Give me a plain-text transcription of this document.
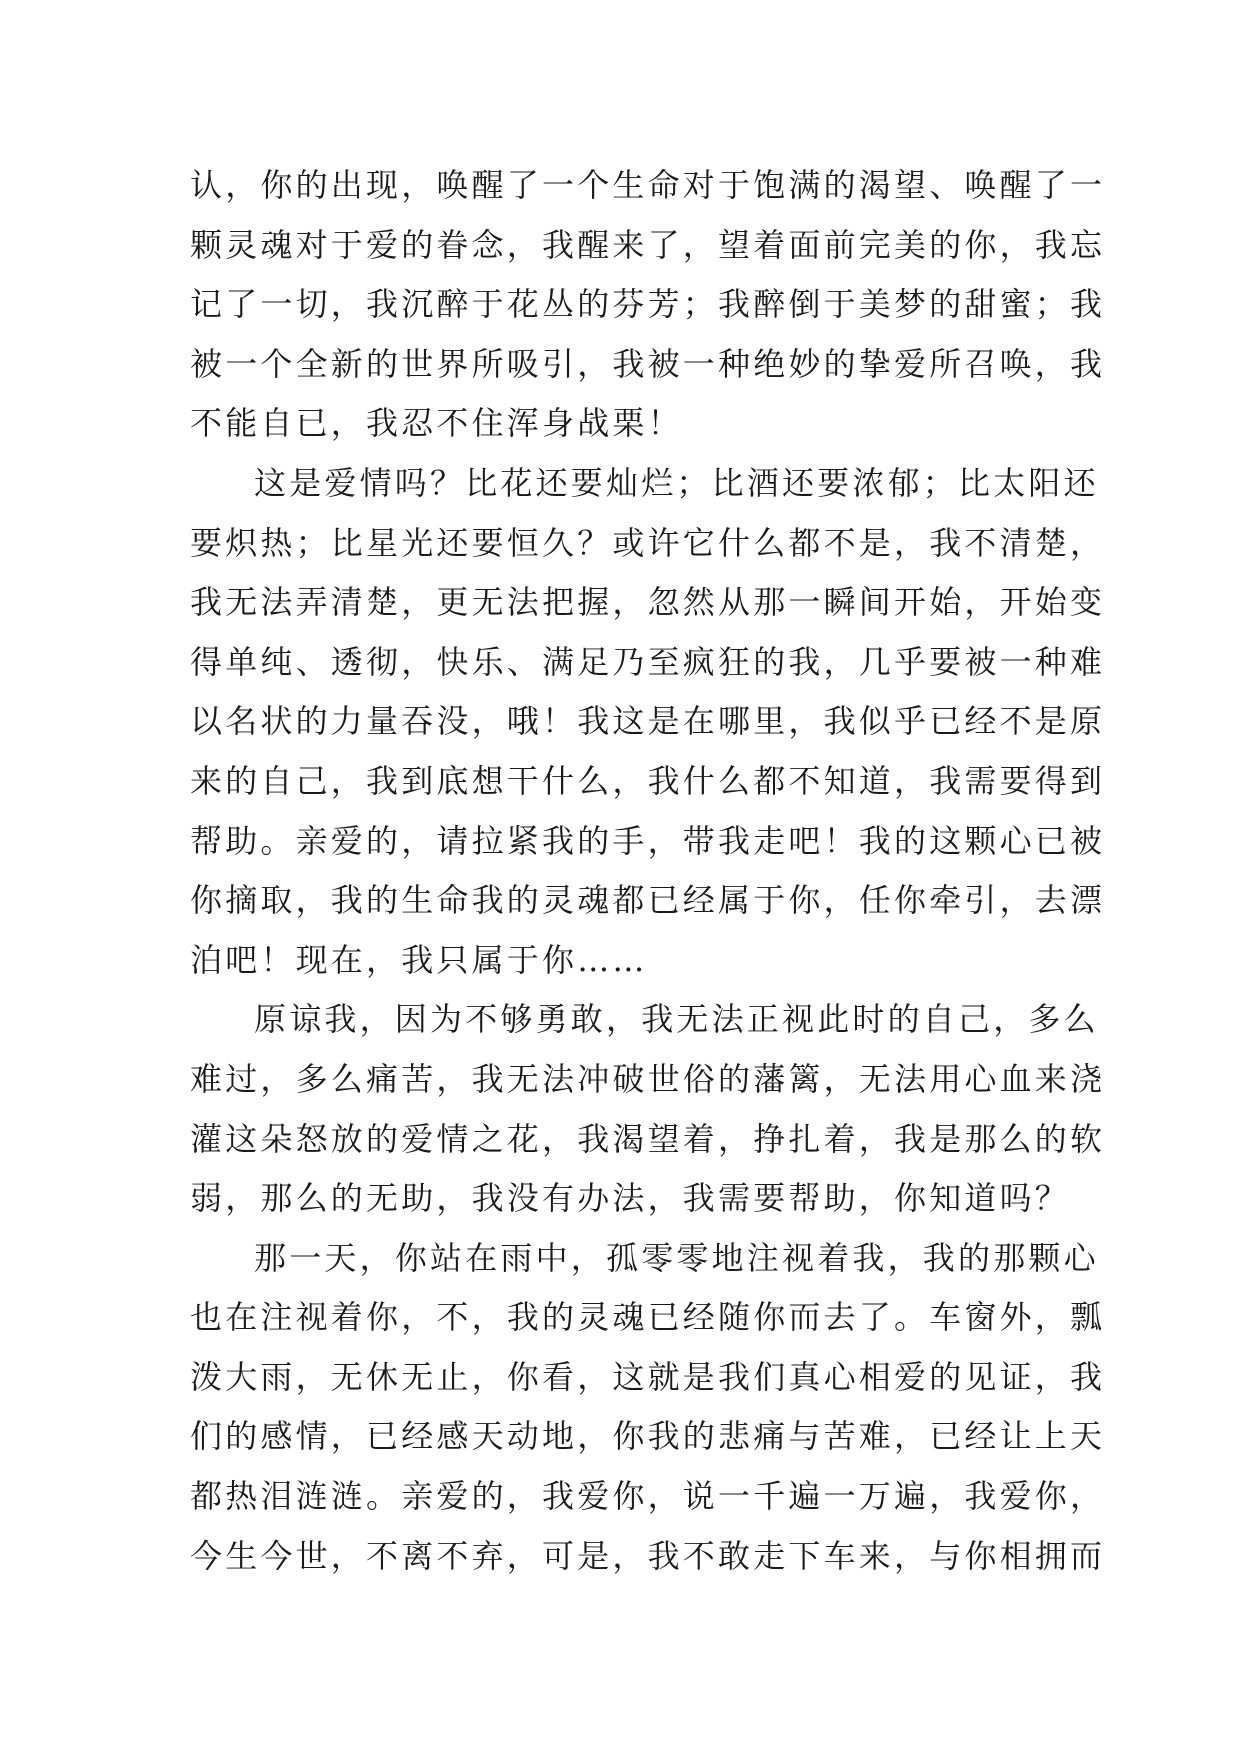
认，你的出现，唤醒了一个生命对于饱满的渴望、唤醒了一
颗灵魂对于爱的眷念，我醒来了，望着面前完美的你，我忘
记了一切，我沉醉于花丛的芬芳；我醉倒于美梦的甜蜜；我
被一个全新的世界所吸引，我被一种绝妙的挚爱所召唤，我
不能自已，我忍不住浑身战栗！
这是爱情吗？比花还要灿烂；比酒还要浓郁；比太阳还
要炽热；比星光还要恒久？或许它什么都不是，我不清楚，
我无法弄清楚，更无法把握，忽然从那一瞬间开始，开始变
得单纯、透彻，快乐、满足乃至疯狂的我，几乎要被一种难
以名状的力量吞没，哦！我这是在哪里，我似乎已经不是原
来的自己，我到底想干什么，我什么都不知道，我需要得到
帮助。亲爱的，请拉紧我的手，带我走吧！我的这颗心已被
你摘取，我的生命我的灵魂都已经属于你，任你牵引，去漂
泊吧！现在，我只属于你……
原谅我，因为不够勇敢，我无法正视此时的自己，多么
难过，多么痛苦，我无法冲破世俗的藩篱，无法用心血来浇
灌这朵怒放的爱情之花，我渴望着，挣扎着，我是那么的软
弱，那么的无助，我没有办法，我需要帮助，你知道吗？
那一天，你站在雨中，孤零零地注视着我，我的那颗心
也在注视着你，不，我的灵魂已经随你而去了。车窗外，瓢
泼大雨，无休无止，你看，这就是我们真心相爱的见证，我
们的感情，已经感天动地，你我的悲痛与苦难，已经让上天
都热泪涟涟。亲爱的，我爱你，说一千遍一万遍，我爱你，
今生今世，不离不弃，可是，我不敢走下车来，与你相拥而
